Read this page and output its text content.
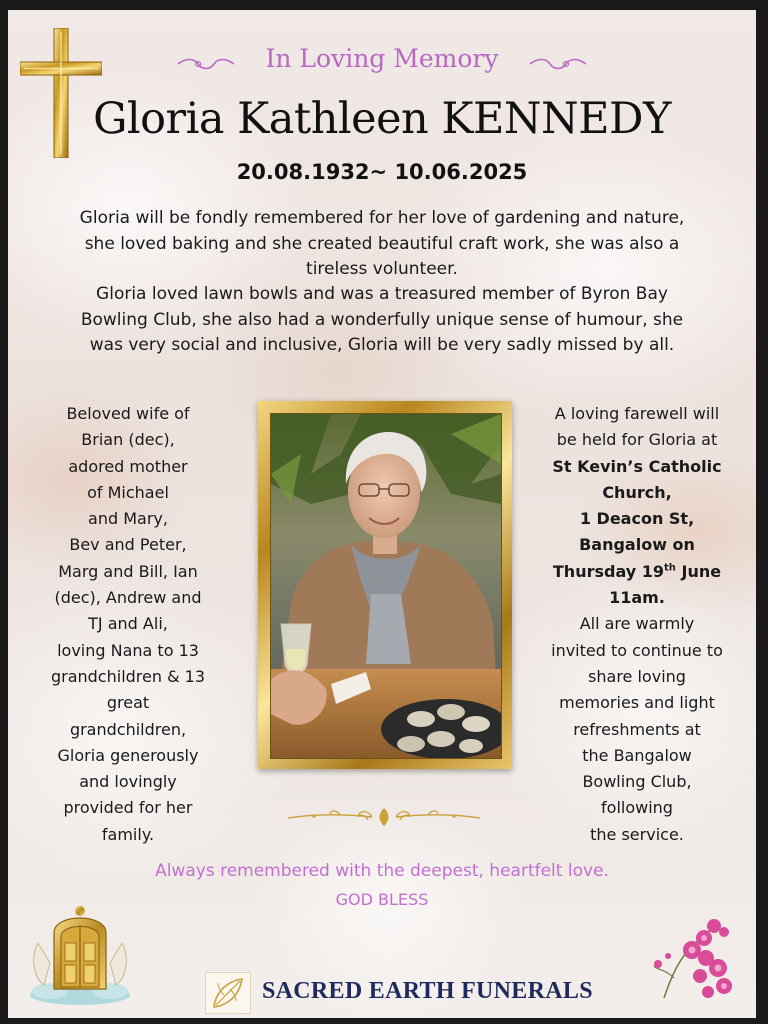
In Loving Memory
Gloria Kathleen KENNEDY
20.08.1932~ 10.06.2025
Gloria will be fondly remembered for her love of gardening and nature,
she loved baking and she created beautiful craft work, she was also a
tireless volunteer.
Gloria loved lawn bowls and was a treasured member of Byron Bay
Bowling Club, she also had a wonderfully unique sense of humour, she
was very social and inclusive, Gloria will be very sadly missed by all.
Beloved wife of
Brian (dec),
adored mother
of Michael
and Mary,
Bev and Peter,
Marg and Bill, Ian
(dec), Andrew and
TJ and Ali,
loving Nana to 13
grandchildren & 13
great
grandchildren,
Gloria generously
and lovingly
provided for her
family.
A loving farewell will
be held for Gloria at
St Kevin’s Catholic
Church,
1 Deacon St,
Bangalow on
Thursday 19th June
11am.
All are warmly
invited to continue to
share loving
memories and light
refreshments at
the Bangalow
Bowling Club,
following
the service.
Always remembered with the deepest, heartfelt love.
GOD BLESS
SACRED EARTH FUNERALS
